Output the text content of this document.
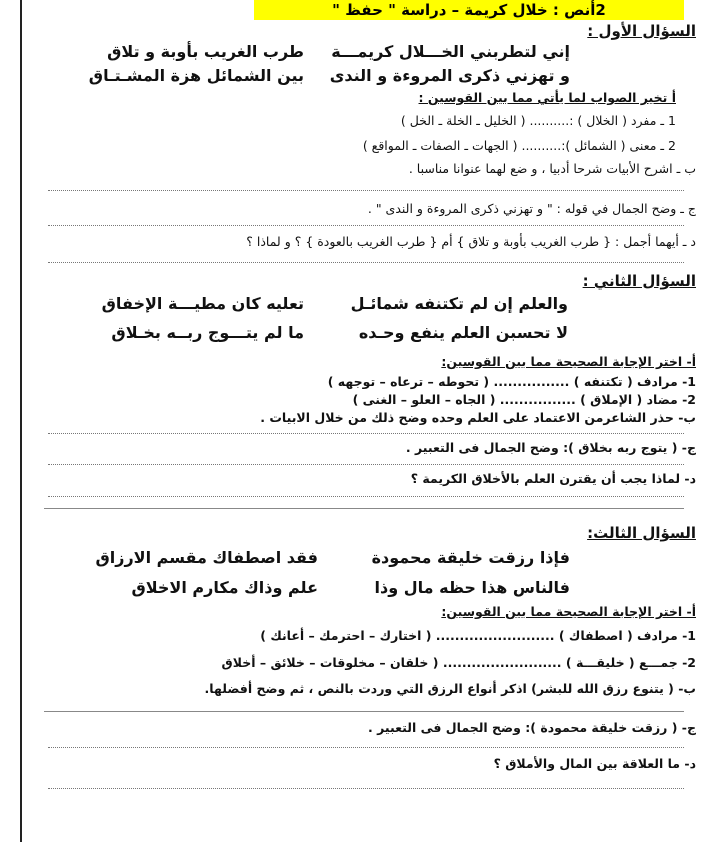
2أنص : خلال كريمة – دراسة " حفظ "
السؤال الأول :
إني لتطربني الخـــلال كريمـــة
طرب الغريب بأوبة و تلاق
و تهزني ذكرى المروءة و الندى
بين الشمائل هزة المشـتـاق
أ تخير الصواب لما يأتي مما بين القوسين :
1 ـ مفرد ( الخلال ) :.......... ( الخليل ـ الخلة ـ الخل )
2 ـ معنى ( الشمائل ):.......... ( الجهات ـ الصفات ـ المواقع )
ب ـ اشرح الأبيات شرحا أدبيا ، و ضع لهما عنوانا مناسبا .
ج ـ وضح الجمال في قوله : " و تهزني ذكرى المروءة و الندى " .
د ـ أيهما أجمل : { طرب الغريب بأوبة و تلاق } أم { طرب الغريب بالعودة } ؟ و لماذا ؟
السؤال الثاني :
والعلم إن لم تكتنفه شمائـل
تعليه كان مطيـــة الإخفاق
لا تحسبن العلم ينفع وحـده
ما لم يتـــوج ربــه بخـلاق
أ- اختر الإجابة الصحيحة مما بين القوسين:
1- مرادف ( تكتنفه ) ................ ( تحوطه – ترعاه – توجهه )
2- مضاد ( الإملاق ) ................ ( الجاه – العلو – الغنى )
ب- حذر الشاعرمن الاعتماد على العلم وحده وضح ذلك من خلال الابيات .
ج- ( يتوج ربه بخلاق ): وضح الجمال فى التعبير .
د- لماذا يجب أن يقترن العلم بالأخلاق الكريمة ؟
السؤال الثالث:
فإذا رزقت خليقة محمودة
فقد اصطفاك مقسم الارزاق
فالناس هذا حظه مال وذا
علم وذاك مكارم الاخلاق
أ- اختر الإجابة الصحيحة مما بين القوسين:
1- مرادف ( اصطفاك ) ......................... ( اختارك – احترمك – أعانك )
2- جمـــع ( خليقـــة ) ......................... ( خلقان – مخلوقات – خلائق – أخلاق
ب- ( يتنوع رزق الله للبشر) اذكر أنواع الرزق التي وردت بالنص ، ثم وضح أفضلها.
ج- ( رزقت خليقة محمودة ): وضح الجمال فى التعبير .
د- ما العلاقة بين المال والأملاق ؟
